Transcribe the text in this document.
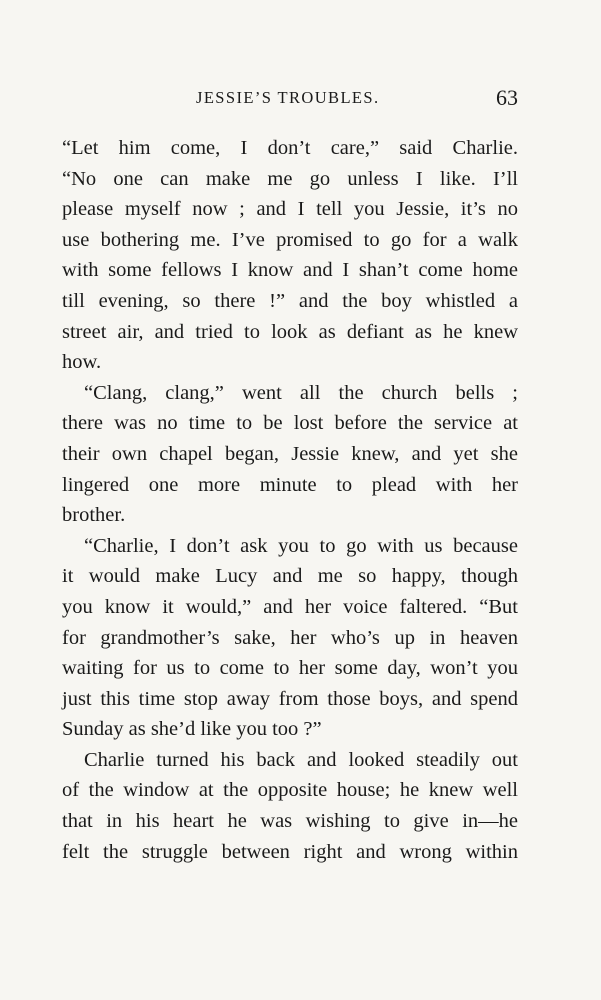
JESSIE’S TROUBLES.	63
“Let him come, I don’t care,” said Charlie.
“No one can make me go unless I like. I’ll
please myself now ; and I tell you Jessie, it’s no
use bothering me. I’ve promised to go for a walk
with some fellows I know and I shan’t come home
till evening, so there !” and the boy whistled a
street air, and tried to look as defiant as he knew
how.
“Clang, clang,” went all the church bells ;
there was no time to be lost before the service at
their own chapel began, Jessie knew, and yet she
lingered one more minute to plead with her
brother.
“Charlie, I don’t ask you to go with us because
it would make Lucy and me so happy, though
you know it would,” and her voice faltered. “But
for grandmother’s sake, her who’s up in heaven
waiting for us to come to her some day, won’t you
just this time stop away from those boys, and spend
Sunday as she’d like you too ?”
Charlie turned his back and looked steadily out
of the window at the opposite house; he knew well
that in his heart he was wishing to give in—he
felt the struggle between right and wrong within
